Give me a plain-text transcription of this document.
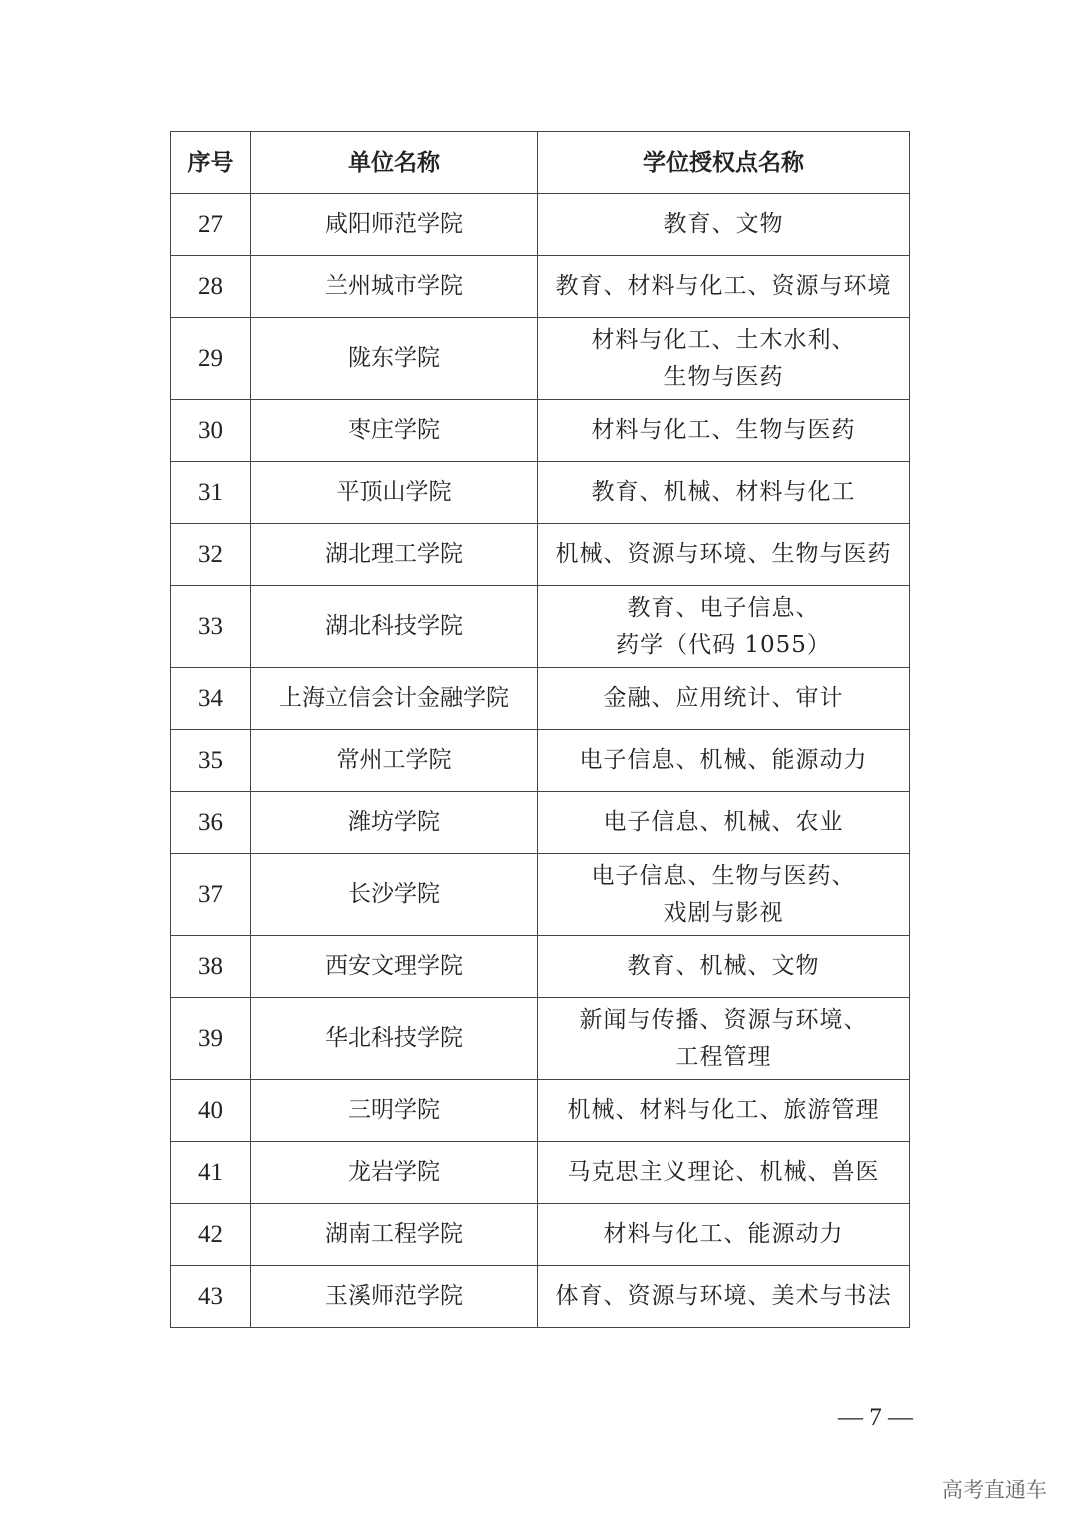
序号	单位名称	学位授权点名称
27	咸阳师范学院	教育、文物

28	兰州城市学院	教育、材料与化工、资源与环境

29	陇东学院	材料与化工、土木水利、
生物与医药

30	枣庄学院	材料与化工、生物与医药

31	平顶山学院	教育、机械、材料与化工

32	湖北理工学院	机械、资源与环境、生物与医药

33	湖北科技学院	教育、电子信息、
药学（代码 1055）

34	上海立信会计金融学院	金融、应用统计、审计

35	常州工学院	电子信息、机械、能源动力

36	潍坊学院	电子信息、机械、农业

37	长沙学院	电子信息、生物与医药、
戏剧与影视

38	西安文理学院	教育、机械、文物

39	华北科技学院	新闻与传播、资源与环境、
工程管理

40	三明学院	机械、材料与化工、旅游管理

41	龙岩学院	马克思主义理论、机械、兽医

42	湖南工程学院	材料与化工、能源动力

43	玉溪师范学院	体育、资源与环境、美术与书法
— 7 —
高考直通车
